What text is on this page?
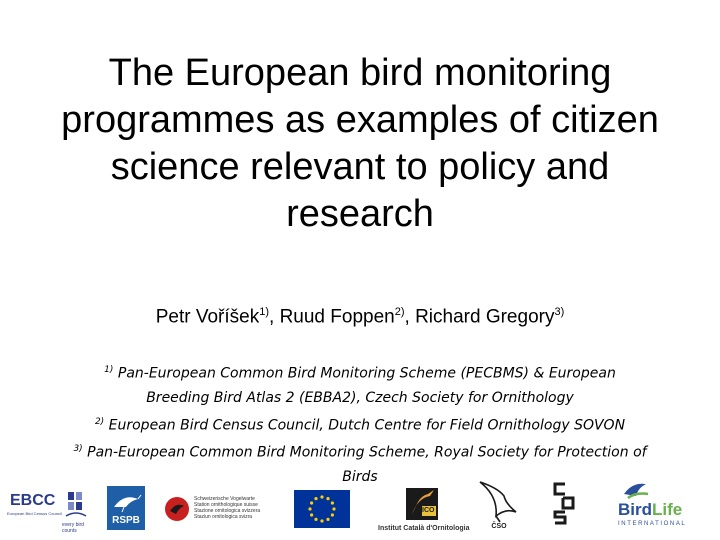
The European bird monitoring
programmes as examples of citizen
science relevant to policy and
research
Petr Voříšek$^{1)}$, Ruud Foppen$^{2)}$, Richard Gregory$^{3)}$
$^{1)}$ Pan-European Common Bird Monitoring Scheme (PECBMS) & European
Breeding Bird Atlas 2 (EBBA2), Czech Society for Ornithology
$^{2)}$ European Bird Census Council, Dutch Centre for Field Ornithology SOVON
$^{3)}$ Pan-European Common Bird Monitoring Scheme, Royal Society for Protection of
Birds
EBCC
European Bird Census Council
every bird counts
RSPB
Schweizerische Vogelwarte
Station ornithologique suisse
Stazione ornitologica svizzera
Staziun ornitologica svizra
ICO
Institut Català d'Ornitologia	ČSO
BirdLife
INTERNATIONAL
